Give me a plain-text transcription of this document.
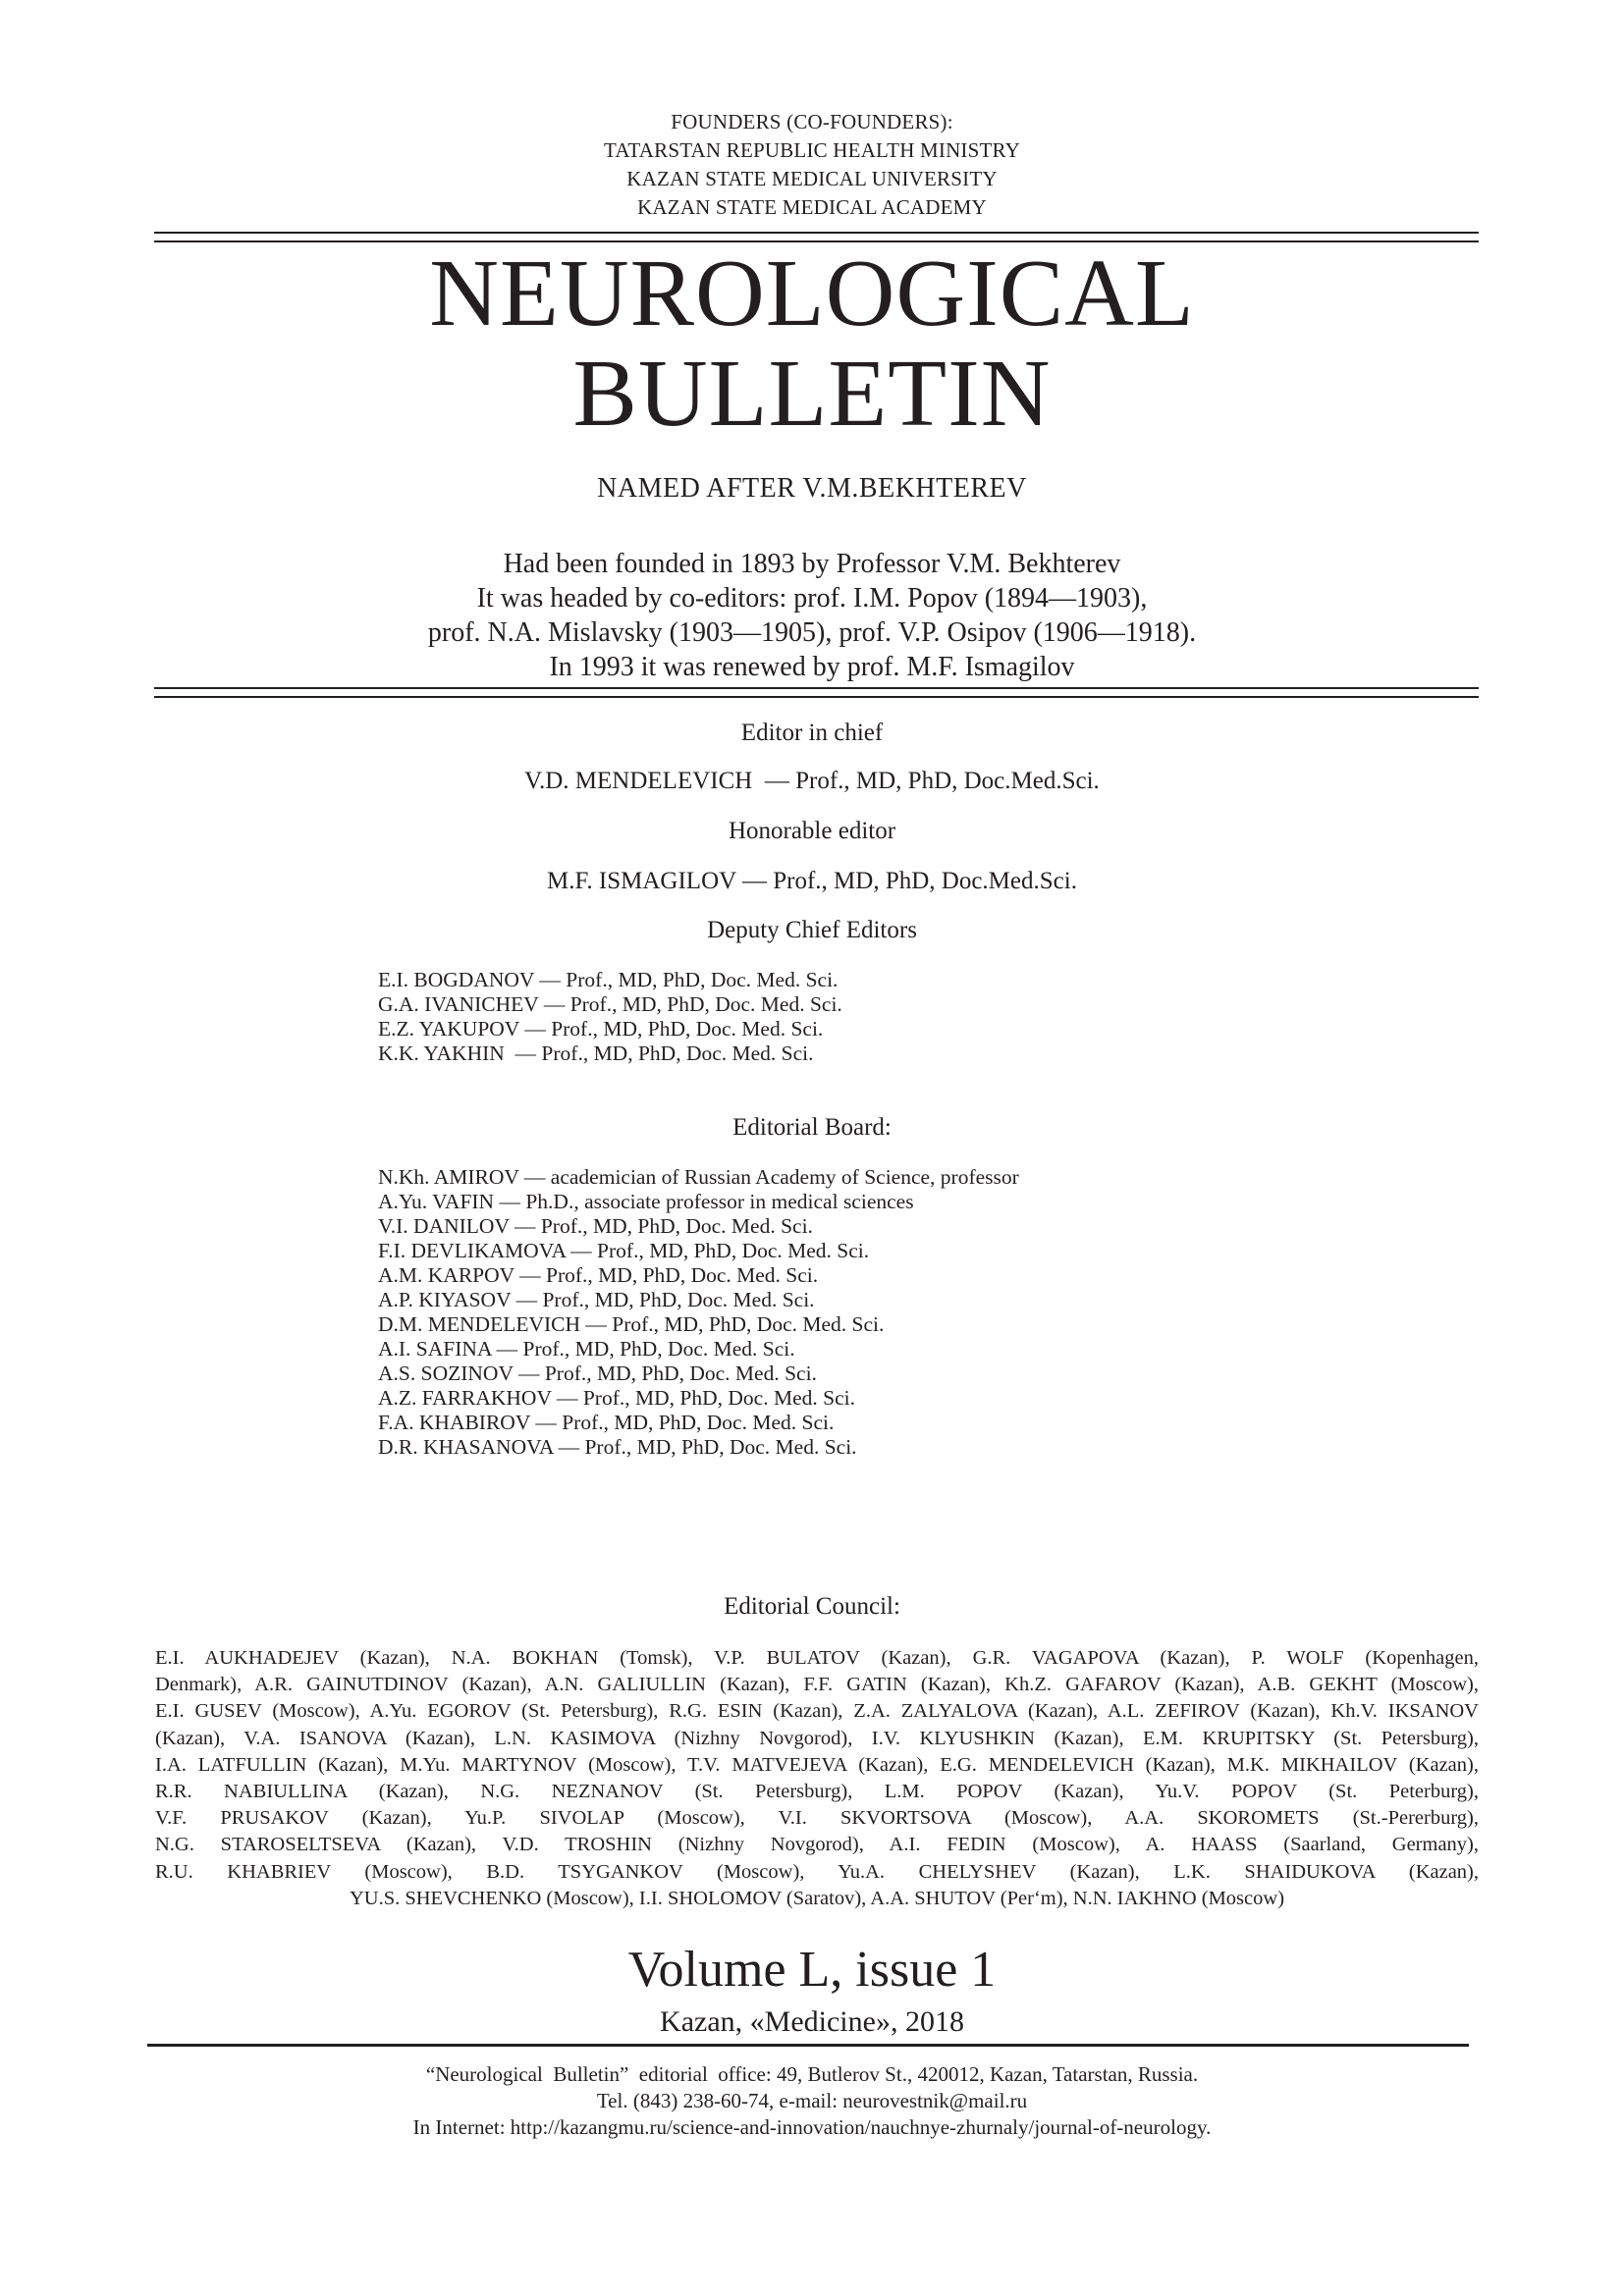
FOUNDERS (CO-FOUNDERS):
TATARSTAN REPUBLIC HEALTH MINISTRY
KAZAN STATE MEDICAL UNIVERSITY
KAZAN STATE MEDICAL ACADEMY
NEUROLOGICAL
BULLETIN
NAMED AFTER V.M.BEKHTEREV
Had been founded in 1893 by Professor V.M. Bekhterev
It was headed by co-editors: prof. I.M. Popov (1894—1903),
prof. N.A. Mislavsky (1903—1905), prof. V.P. Osipov (1906—1918).
In 1993 it was renewed by prof. M.F. Ismagilov
Editor in chief
V.D. MENDELEVICH  — Prof., MD, PhD, Doc.Med.Sci.
Honorable editor
M.F. ISMAGILOV — Prof., MD, PhD, Doc.Med.Sci.
Deputy Chief Editors
E.I. BOGDANOV — Prof., MD, PhD, Doc. Med. Sci.
G.A. IVANICHEV — Prof., MD, PhD, Doc. Med. Sci.
E.Z. YAKUPOV — Prof., MD, PhD, Doc. Med. Sci.
K.K. YAKHIN  — Prof., MD, PhD, Doc. Med. Sci.
Editorial Board:
N.Kh. AMIROV — academician of Russian Academy of Science, professor
A.Yu. VAFIN — Ph.D., associate professor in medical sciences
V.I. DANILOV — Prof., MD, PhD, Doc. Med. Sci.
F.I. DEVLIKAMOVA — Prof., MD, PhD, Doc. Med. Sci.
A.M. KARPOV — Prof., MD, PhD, Doc. Med. Sci.
A.P. KIYASOV — Prof., MD, PhD, Doc. Med. Sci.
D.M. MENDELEVICH — Prof., MD, PhD, Doc. Med. Sci.
A.I. SAFINA — Prof., MD, PhD, Doc. Med. Sci.
A.S. SOZINOV — Prof., MD, PhD, Doc. Med. Sci.
A.Z. FARRAKHOV — Prof., MD, PhD, Doc. Med. Sci.
F.A. KHABIROV — Prof., MD, PhD, Doc. Med. Sci.
D.R. KHASANOVA — Prof., MD, PhD, Doc. Med. Sci.
Editorial Council:
E.I. AUKHADEJEV (Kazan), N.A. BOKHAN (Tomsk), V.P. BULATOV (Kazan), G.R. VAGAPOVA (Kazan), P. WOLF (Kopenhagen,
Denmark), A.R. GAINUTDINOV (Kazan), A.N. GALIULLIN (Kazan), F.F. GATIN (Kazan), Kh.Z. GAFAROV (Kazan), A.B. GEKHT (Moscow),
E.I. GUSEV (Moscow), A.Yu. EGOROV (St. Petersburg), R.G. ESIN (Kazan), Z.A. ZALYALOVA (Kazan), A.L. ZEFIROV (Kazan), Kh.V. IKSANOV
(Kazan), V.A. ISANOVA (Kazan), L.N. KASIMOVA (Nizhny Novgorod), I.V. KLYUSHKIN (Kazan), E.M. KRUPITSKY (St. Petersburg),
I.A. LATFULLIN (Kazan), M.Yu. MARTYNOV (Moscow), T.V. MATVEJEVA (Kazan), E.G. MENDELEVICH (Kazan), M.K. MIKHAILOV (Kazan),
R.R. NABIULLINA (Kazan), N.G. NEZNANOV (St. Petersburg), L.M. POPOV (Kazan), Yu.V. POPOV (St. Peterburg),
V.F. PRUSAKOV (Kazan), Yu.P. SIVOLAP (Moscow), V.I. SKVORTSOVA (Moscow), A.A. SKOROMETS (St.-Pererburg),
N.G. STAROSELTSEVA (Kazan), V.D. TROSHIN (Nizhny Novgorod), A.I. FEDIN (Moscow), A. HAASS (Saarland, Germany),
R.U. KHABRIEV (Moscow), B.D. TSYGANKOV (Moscow), Yu.A. CHELYSHEV (Kazan), L.K. SHAIDUKOVA (Kazan),
YU.S. SHEVCHENKO (Moscow), I.I. SHOLOMOV (Saratov), A.A. SHUTOV (Per‘m), N.N. IAKHNO (Moscow)
Volume L, issue 1
Kazan, «Medicine», 2018
“Neurological  Bulletin”  editorial  office: 49, Butlerov St., 420012, Kazan, Tatarstan, Russia.
Tel. (843) 238-60-74, e-mail: neurovestnik@mail.ru
In Internet: http://kazangmu.ru/science-and-innovation/nauchnye-zhurnaly/journal-of-neurology.
